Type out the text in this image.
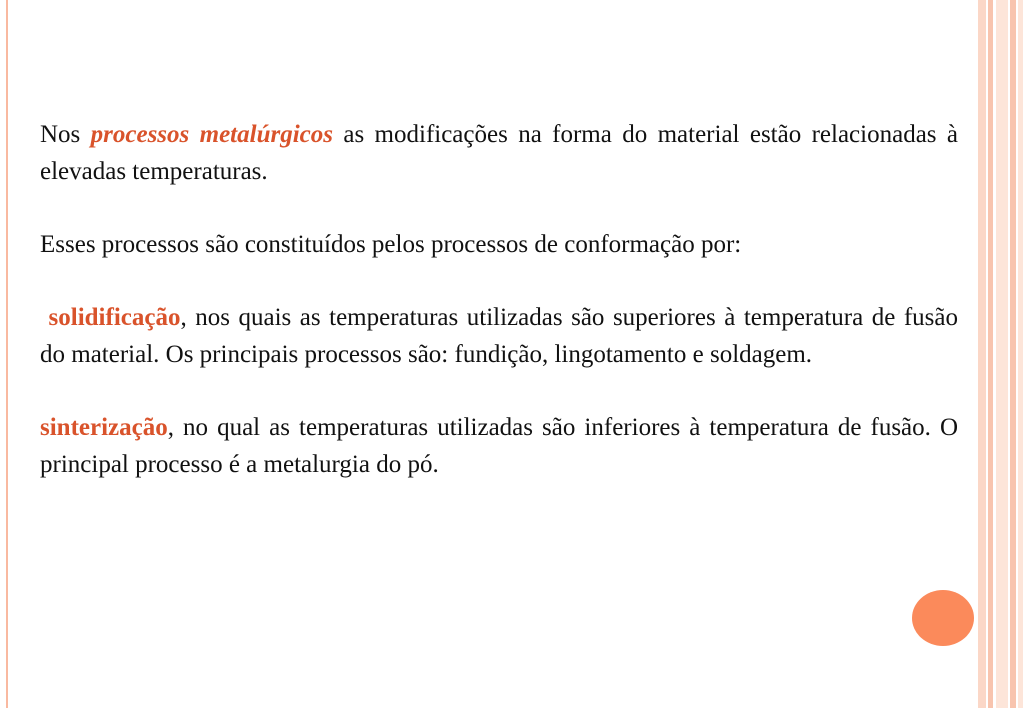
Nos processos metalúrgicos as modificações na forma do material estão relacionadas à elevadas temperaturas.

Esses processos são constituídos pelos processos de conformação por:

solidificação, nos quais as temperaturas utilizadas são superiores à temperatura de fusão do material. Os principais processos são: fundição, lingotamento e soldagem.

sinterização, no qual as temperaturas utilizadas são inferiores à temperatura de fusão. O principal processo é a metalurgia do pó.
